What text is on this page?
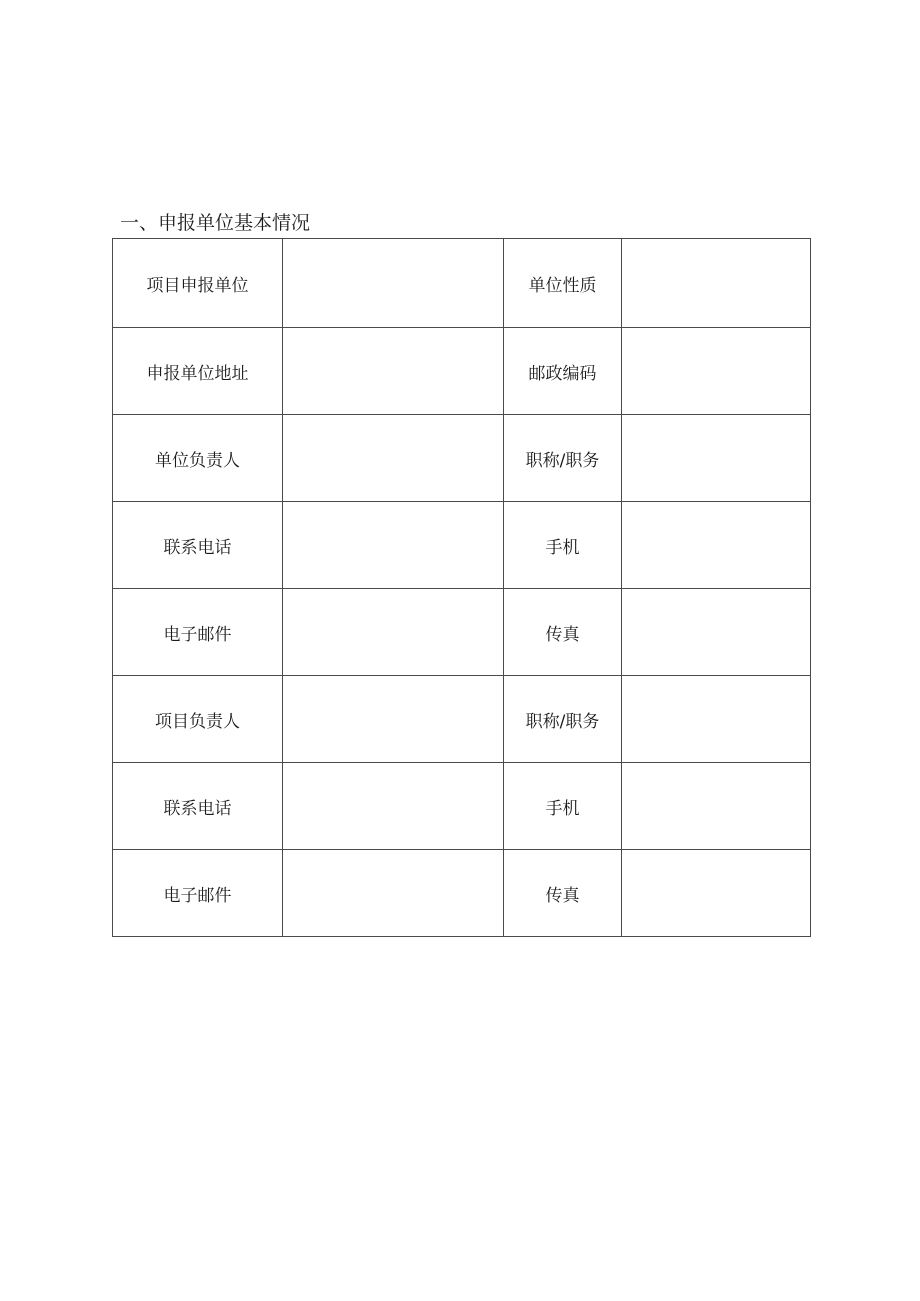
一、申报单位基本情况
项目申报单位		单位性质	
申报单位地址		邮政编码	
单位负责人		职称/职务	
联系电话		手机	
电子邮件		传真	
项目负责人		职称/职务	
联系电话		手机	
电子邮件		传真	
